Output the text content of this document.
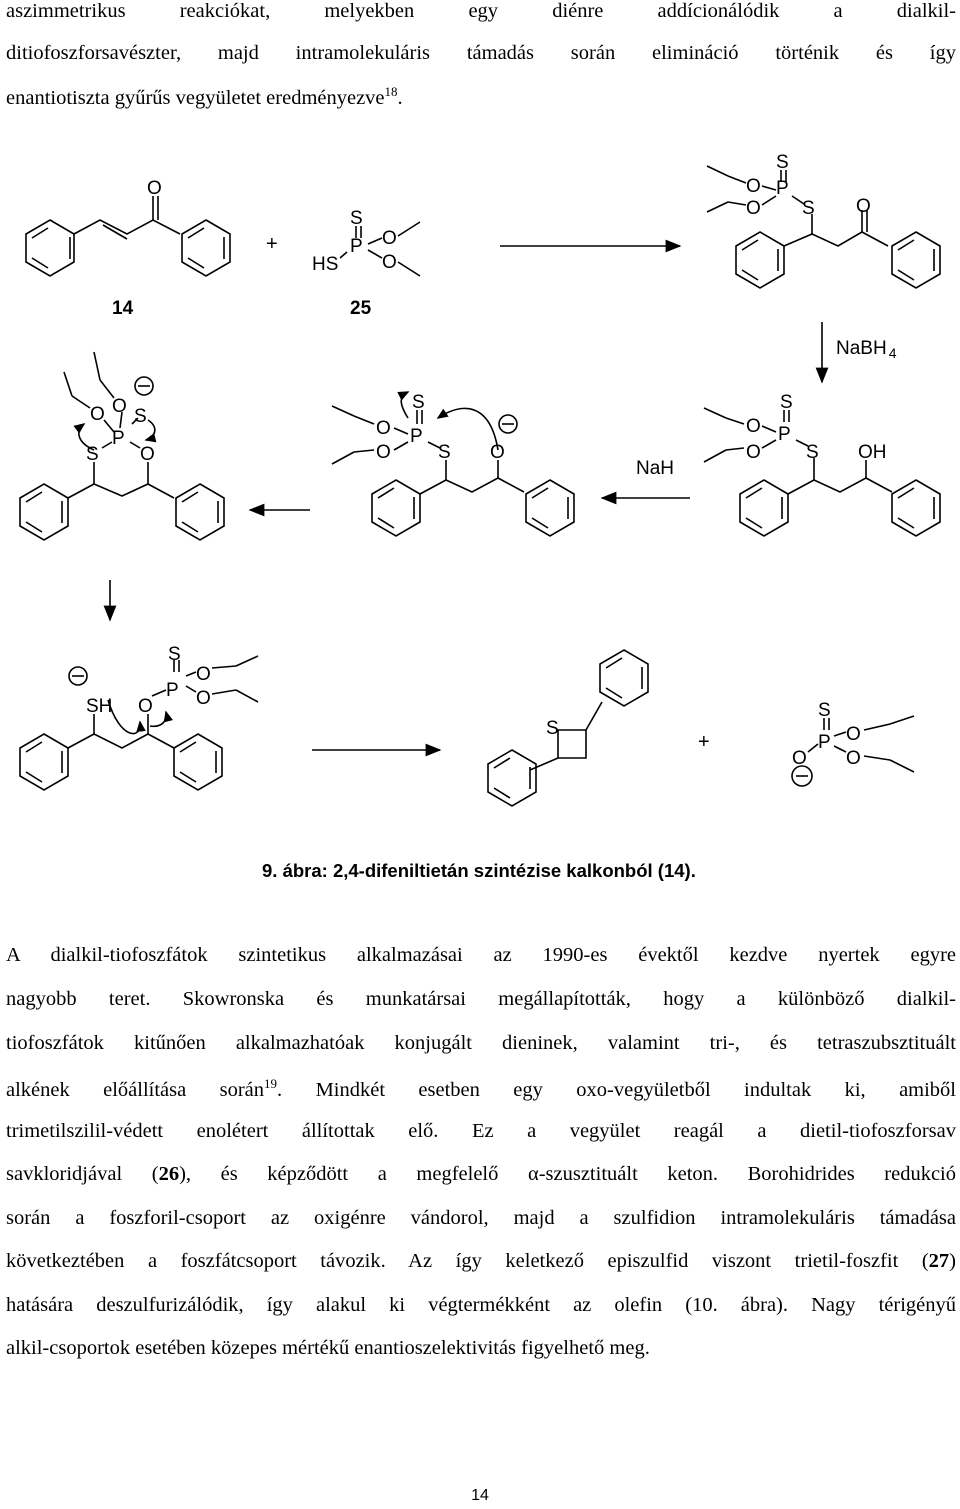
aszimmetrikus reakciókat, melyekben egy diénre addícionálódik a dialkil-
ditiofoszforsavészter, majd intramolekuláris támadás során elimináció történik és így
enantiotiszta gyűrűs vegyületet eredményezve$^{18}$.
O
+
S
P
HS
O
O
14	25
S
O P
O S O
NaBH $_4$
S
O P
O S OH
NaH
S
O P
O S O
O O S
P
S O
S
O
P O
SH O
S
+
S
O
P
O
O
9. ábra: 2,4-difeniltietán szintézise kalkonból (14).
A dialkil-tiofoszfátok szintetikus alkalmazásai az 1990-es évektől kezdve nyertek egyre
nagyobb teret. Skowronska és munkatársai megállapították, hogy a különböző dialkil-
tiofoszfátok kitűnően alkalmazhatóak konjugált dieninek, valamint tri-, és tetraszubsztituált
alkének előállítása során$^{19}$. Mindkét esetben egy oxo-vegyületből indultak ki, amiből
trimetilszilil-védett enolétert állítottak elő. Ez a vegyület reagál a dietil-tiofoszforsav
savkloridjával (26), és képződött a megfelelő α-szusztituált keton. Borohidrides redukció
során a foszforil-csoport az oxigénre vándorol, majd a szulfidion intramolekuláris támadása
következtében a foszfátcsoport távozik. Az így keletkező episzulfid viszont trietil-foszfit (27)
hatására deszulfurizálódik, így alakul ki végtermékként az olefin (10. ábra). Nagy térigényű
alkil-csoportok esetében közepes mértékű enantioszelektivitás figyelhető meg.
14
